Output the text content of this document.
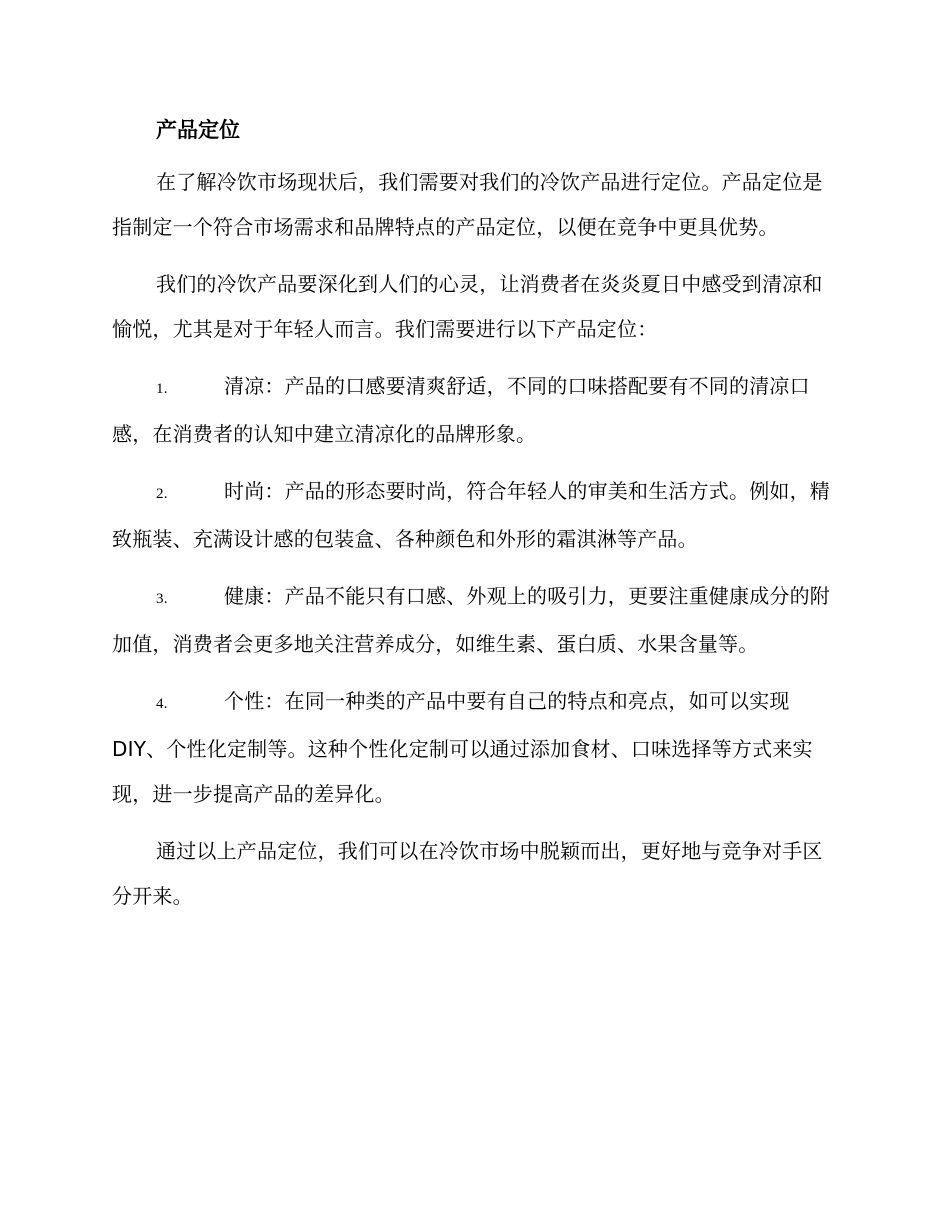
产品定位

在了解冷饮市场现状后，我们需要对我们的冷饮产品进行定位。产品定位是指制定一个符合市场需求和品牌特点的产品定位，以便在竞争中更具优势。

我们的冷饮产品要深化到人们的心灵，让消费者在炎炎夏日中感受到清凉和愉悦，尤其是对于年轻人而言。我们需要进行以下产品定位：

1.	清凉：产品的口感要清爽舒适，不同的口味搭配要有不同的清凉口感，在消费者的认知中建立清凉化的品牌形象。

2.	时尚：产品的形态要时尚，符合年轻人的审美和生活方式。例如，精致瓶装、充满设计感的包装盒、各种颜色和外形的霜淇淋等产品。

3.	健康：产品不能只有口感、外观上的吸引力，更要注重健康成分的附加值，消费者会更多地关注营养成分，如维生素、蛋白质、水果含量等。

4.	个性：在同一种类的产品中要有自己的特点和亮点，如可以实现DIY、个性化定制等。这种个性化定制可以通过添加食材、口味选择等方式来实现，进一步提高产品的差异化。

通过以上产品定位，我们可以在冷饮市场中脱颖而出，更好地与竞争对手区分开来。
